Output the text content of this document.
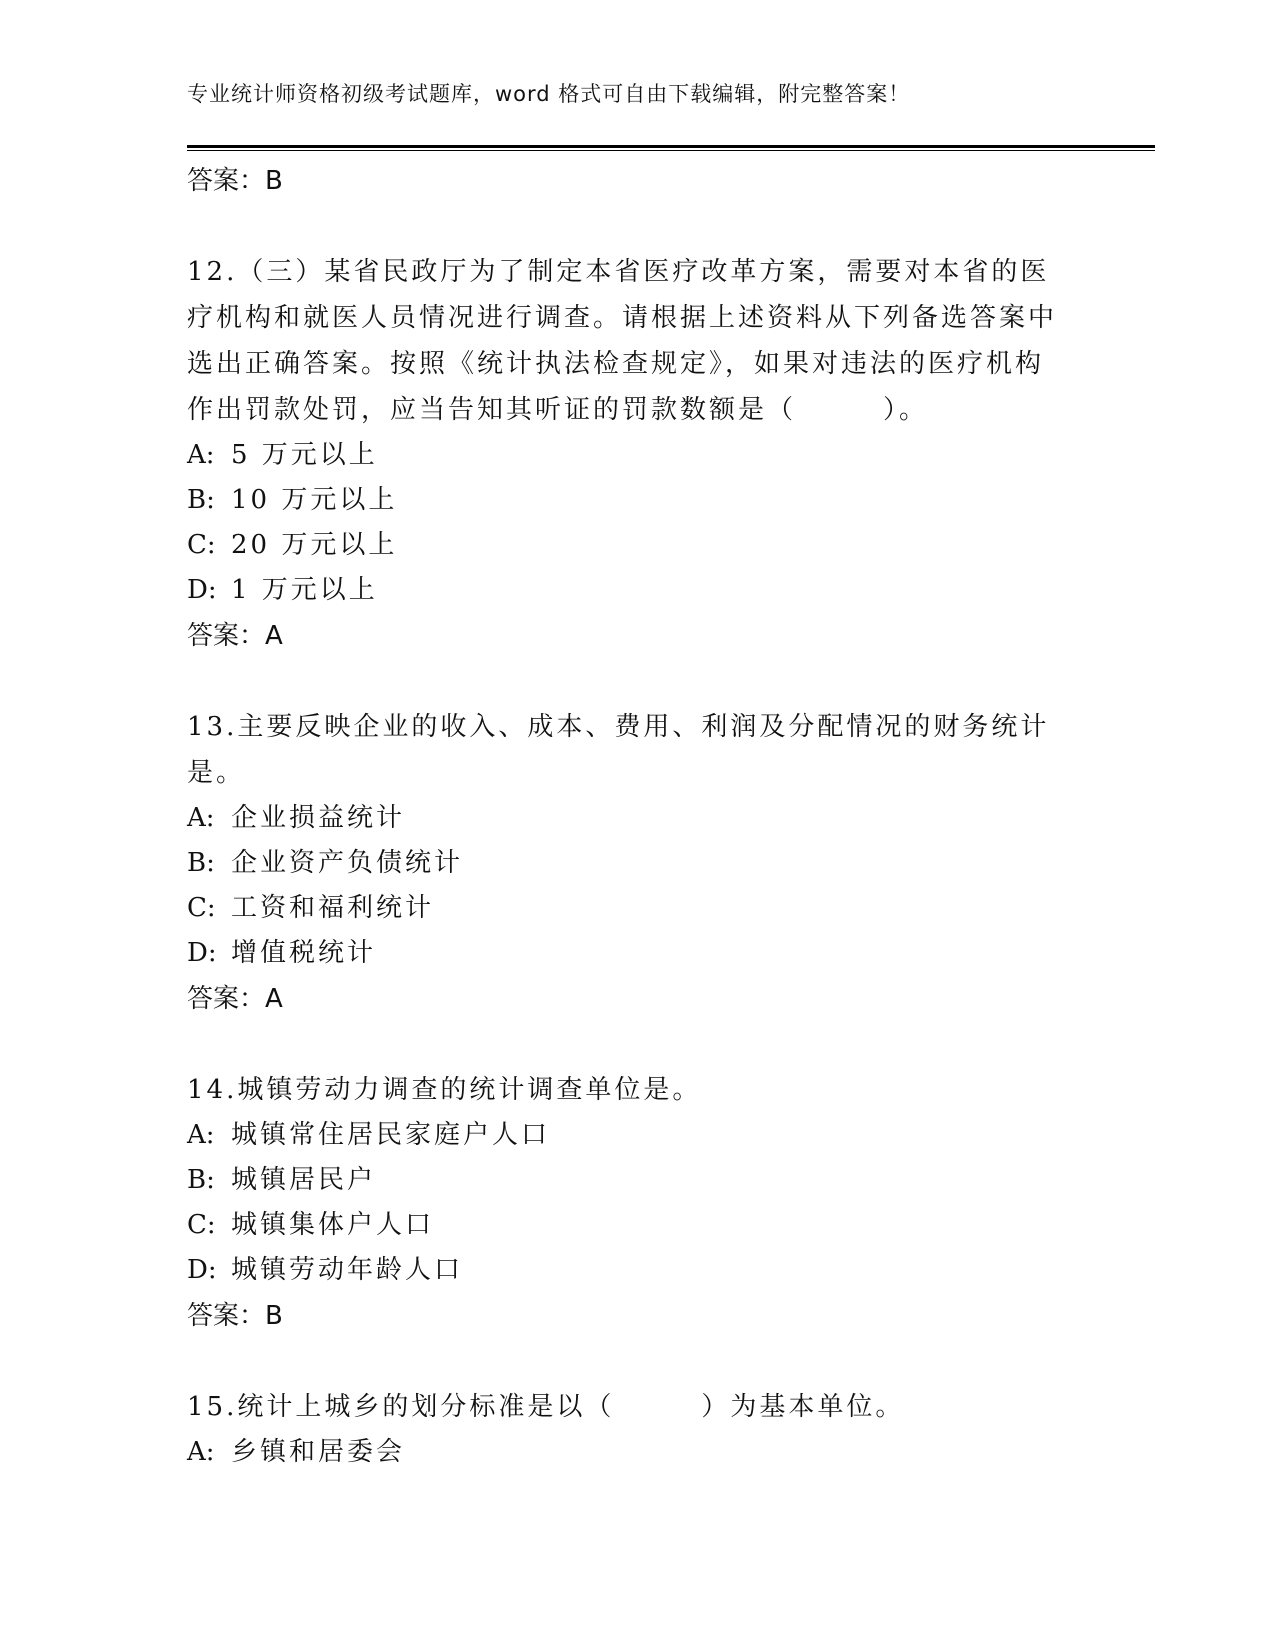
专业统计师资格初级考试题库，word 格式可自由下载编辑，附完整答案！
答案：B

12.（三）某省民政厅为了制定本省医疗改革方案，需要对本省的医疗机构和就医人员情况进行调查。请根据上述资料从下列备选答案中选出正确答案。按照《统计执法检查规定》，如果对违法的医疗机构作出罚款处罚，应当告知其听证的罚款数额是（　　　）。

A: 5 万元以上
B: 10 万元以上
C: 20 万元以上
D: 1 万元以上
答案：A

13.主要反映企业的收入、成本、费用、利润及分配情况的财务统计是。

A: 企业损益统计
B: 企业资产负债统计
C: 工资和福利统计
D: 增值税统计
答案：A

14.城镇劳动力调查的统计调查单位是。

A: 城镇常住居民家庭户人口
B: 城镇居民户
C: 城镇集体户人口
D: 城镇劳动年龄人口
答案：B

15.统计上城乡的划分标准是以（　　　）为基本单位。

A: 乡镇和居委会
